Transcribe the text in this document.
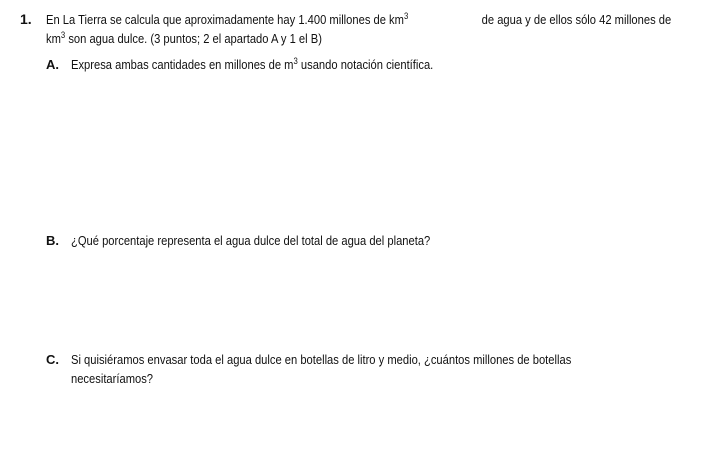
1. En La Tierra se calcula que aproximadamente hay 1.400 millones de $km^3$	de agua y de ellos sólo 42 millones de
$km^3$ son agua dulce. (3 puntos; 2 el apartado A y 1 el B)
A. Expresa ambas cantidades en millones de $m^3$ usando notación científica.
B. ¿Qué porcentaje representa el agua dulce del total de agua del planeta?
C. Si quisiéramos envasar toda el agua dulce en botellas de litro y medio, ¿cuántos millones de botellas
necesitaríamos?
